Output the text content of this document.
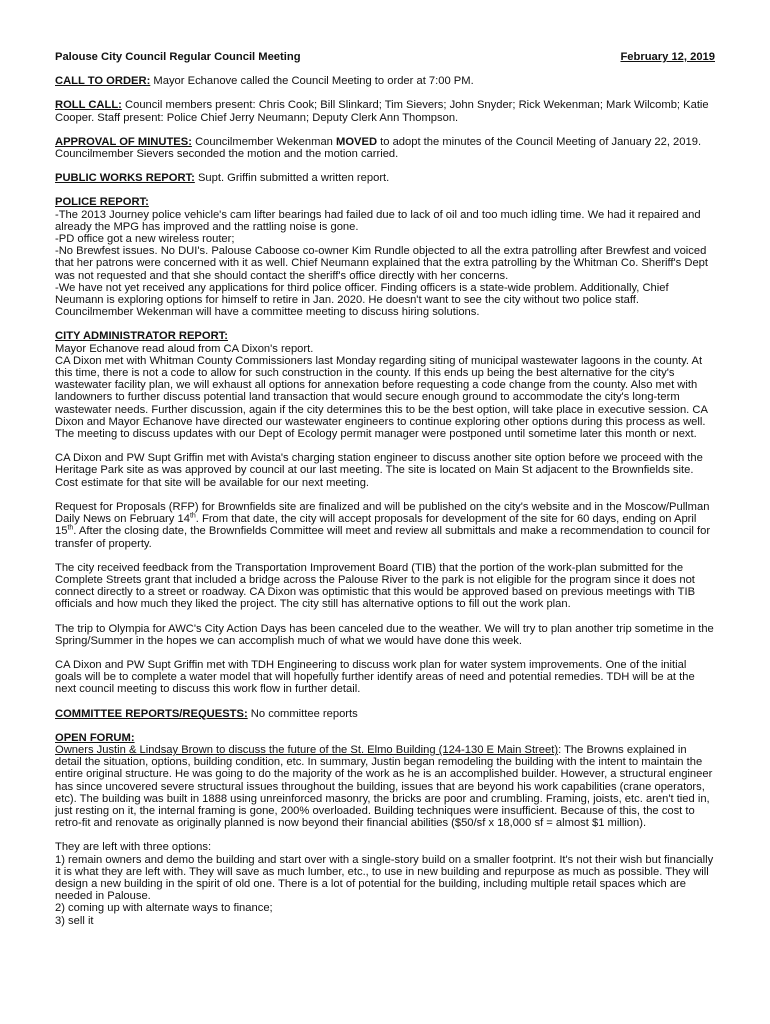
Palouse City Council Regular Council Meeting	February 12, 2019
CALL TO ORDER: Mayor Echanove called the Council Meeting to order at 7:00 PM.
ROLL CALL: Council members present: Chris Cook; Bill Slinkard; Tim Sievers; John Snyder; Rick Wekenman; Mark Wilcomb; Katie Cooper. Staff present: Police Chief Jerry Neumann; Deputy Clerk Ann Thompson.
APPROVAL OF MINUTES: Councilmember Wekenman MOVED to adopt the minutes of the Council Meeting of January 22, 2019. Councilmember Sievers seconded the motion and the motion carried.
PUBLIC WORKS REPORT: Supt. Griffin submitted a written report.
POLICE REPORT:
-The 2013 Journey police vehicle's cam lifter bearings had failed due to lack of oil and too much idling time. We had it repaired and already the MPG has improved and the rattling noise is gone.
-PD office got a new wireless router;
-No Brewfest issues. No DUI's. Palouse Caboose co-owner Kim Rundle objected to all the extra patrolling after Brewfest and voiced that her patrons were concerned with it as well. Chief Neumann explained that the extra patrolling by the Whitman Co. Sheriff's Dept was not requested and that she should contact the sheriff's office directly with her concerns.
-We have not yet received any applications for third police officer. Finding officers is a state-wide problem. Additionally, Chief Neumann is exploring options for himself to retire in Jan. 2020. He doesn't want to see the city without two police staff. Councilmember Wekenman will have a committee meeting to discuss hiring solutions.
CITY ADMINISTRATOR REPORT:
Mayor Echanove read aloud from CA Dixon's report.

CA Dixon met with Whitman County Commissioners last Monday regarding siting of municipal wastewater lagoons in the county. At this time, there is not a code to allow for such construction in the county. If this ends up being the best alternative for the city's wastewater facility plan, we will exhaust all options for annexation before requesting a code change from the county. Also met with landowners to further discuss potential land transaction that would secure enough ground to accommodate the city's long-term wastewater needs. Further discussion, again if the city determines this to be the best option, will take place in executive session. CA Dixon and Mayor Echanove have directed our wastewater engineers to continue exploring other options during this process as well. The meeting to discuss updates with our Dept of Ecology permit manager were postponed until sometime later this month or next.

CA Dixon and PW Supt Griffin met with Avista's charging station engineer to discuss another site option before we proceed with the Heritage Park site as was approved by council at our last meeting. The site is located on Main St adjacent to the Brownfields site. Cost estimate for that site will be available for our next meeting.

Request for Proposals (RFP) for Brownfields site are finalized and will be published on the city's website and in the Moscow/Pullman Daily News on February 14th. From that date, the city will accept proposals for development of the site for 60 days, ending on April 15th. After the closing date, the Brownfields Committee will meet and review all submittals and make a recommendation to council for transfer of property.

The city received feedback from the Transportation Improvement Board (TIB) that the portion of the work-plan submitted for the Complete Streets grant that included a bridge across the Palouse River to the park is not eligible for the program since it does not connect directly to a street or roadway. CA Dixon was optimistic that this would be approved based on previous meetings with TIB officials and how much they liked the project. The city still has alternative options to fill out the work plan.

The trip to Olympia for AWC's City Action Days has been canceled due to the weather. We will try to plan another trip sometime in the Spring/Summer in the hopes we can accomplish much of what we would have done this week.

CA Dixon and PW Supt Griffin met with TDH Engineering to discuss work plan for water system improvements. One of the initial goals will be to complete a water model that will hopefully further identify areas of need and potential remedies. TDH will be at the next council meeting to discuss this work flow in further detail.

COMMITTEE REPORTS/REQUESTS: No committee reports
OPEN FORUM:

Owners Justin & Lindsay Brown to discuss the future of the St. Elmo Building (124-130 E Main Street): The Browns explained in detail the situation, options, building condition, etc. In summary, Justin began remodeling the building with the intent to maintain the entire original structure. He was going to do the majority of the work as he is an accomplished builder. However, a structural engineer has since uncovered severe structural issues throughout the building, issues that are beyond his work capabilities (crane operators, etc). The building was built in 1888 using unreinforced masonry, the bricks are poor and crumbling. Framing, joists, etc. aren't tied in, just resting on it, the internal framing is gone, 200% overloaded. Building techniques were insufficient. Because of this, the cost to retro-fit and renovate as originally planned is now beyond their financial abilities ($50/sf x 18,000 sf = almost $1 million).

They are left with three options:
1) remain owners and demo the building and start over with a single-story build on a smaller footprint. It's not their wish but financially it is what they are left with. They will save as much lumber, etc., to use in new building and repurpose as much as possible. They will design a new building in the spirit of old one. There is a lot of potential for the building, including multiple retail spaces which are needed in Palouse.
2) coming up with alternate ways to finance;
3) sell it
